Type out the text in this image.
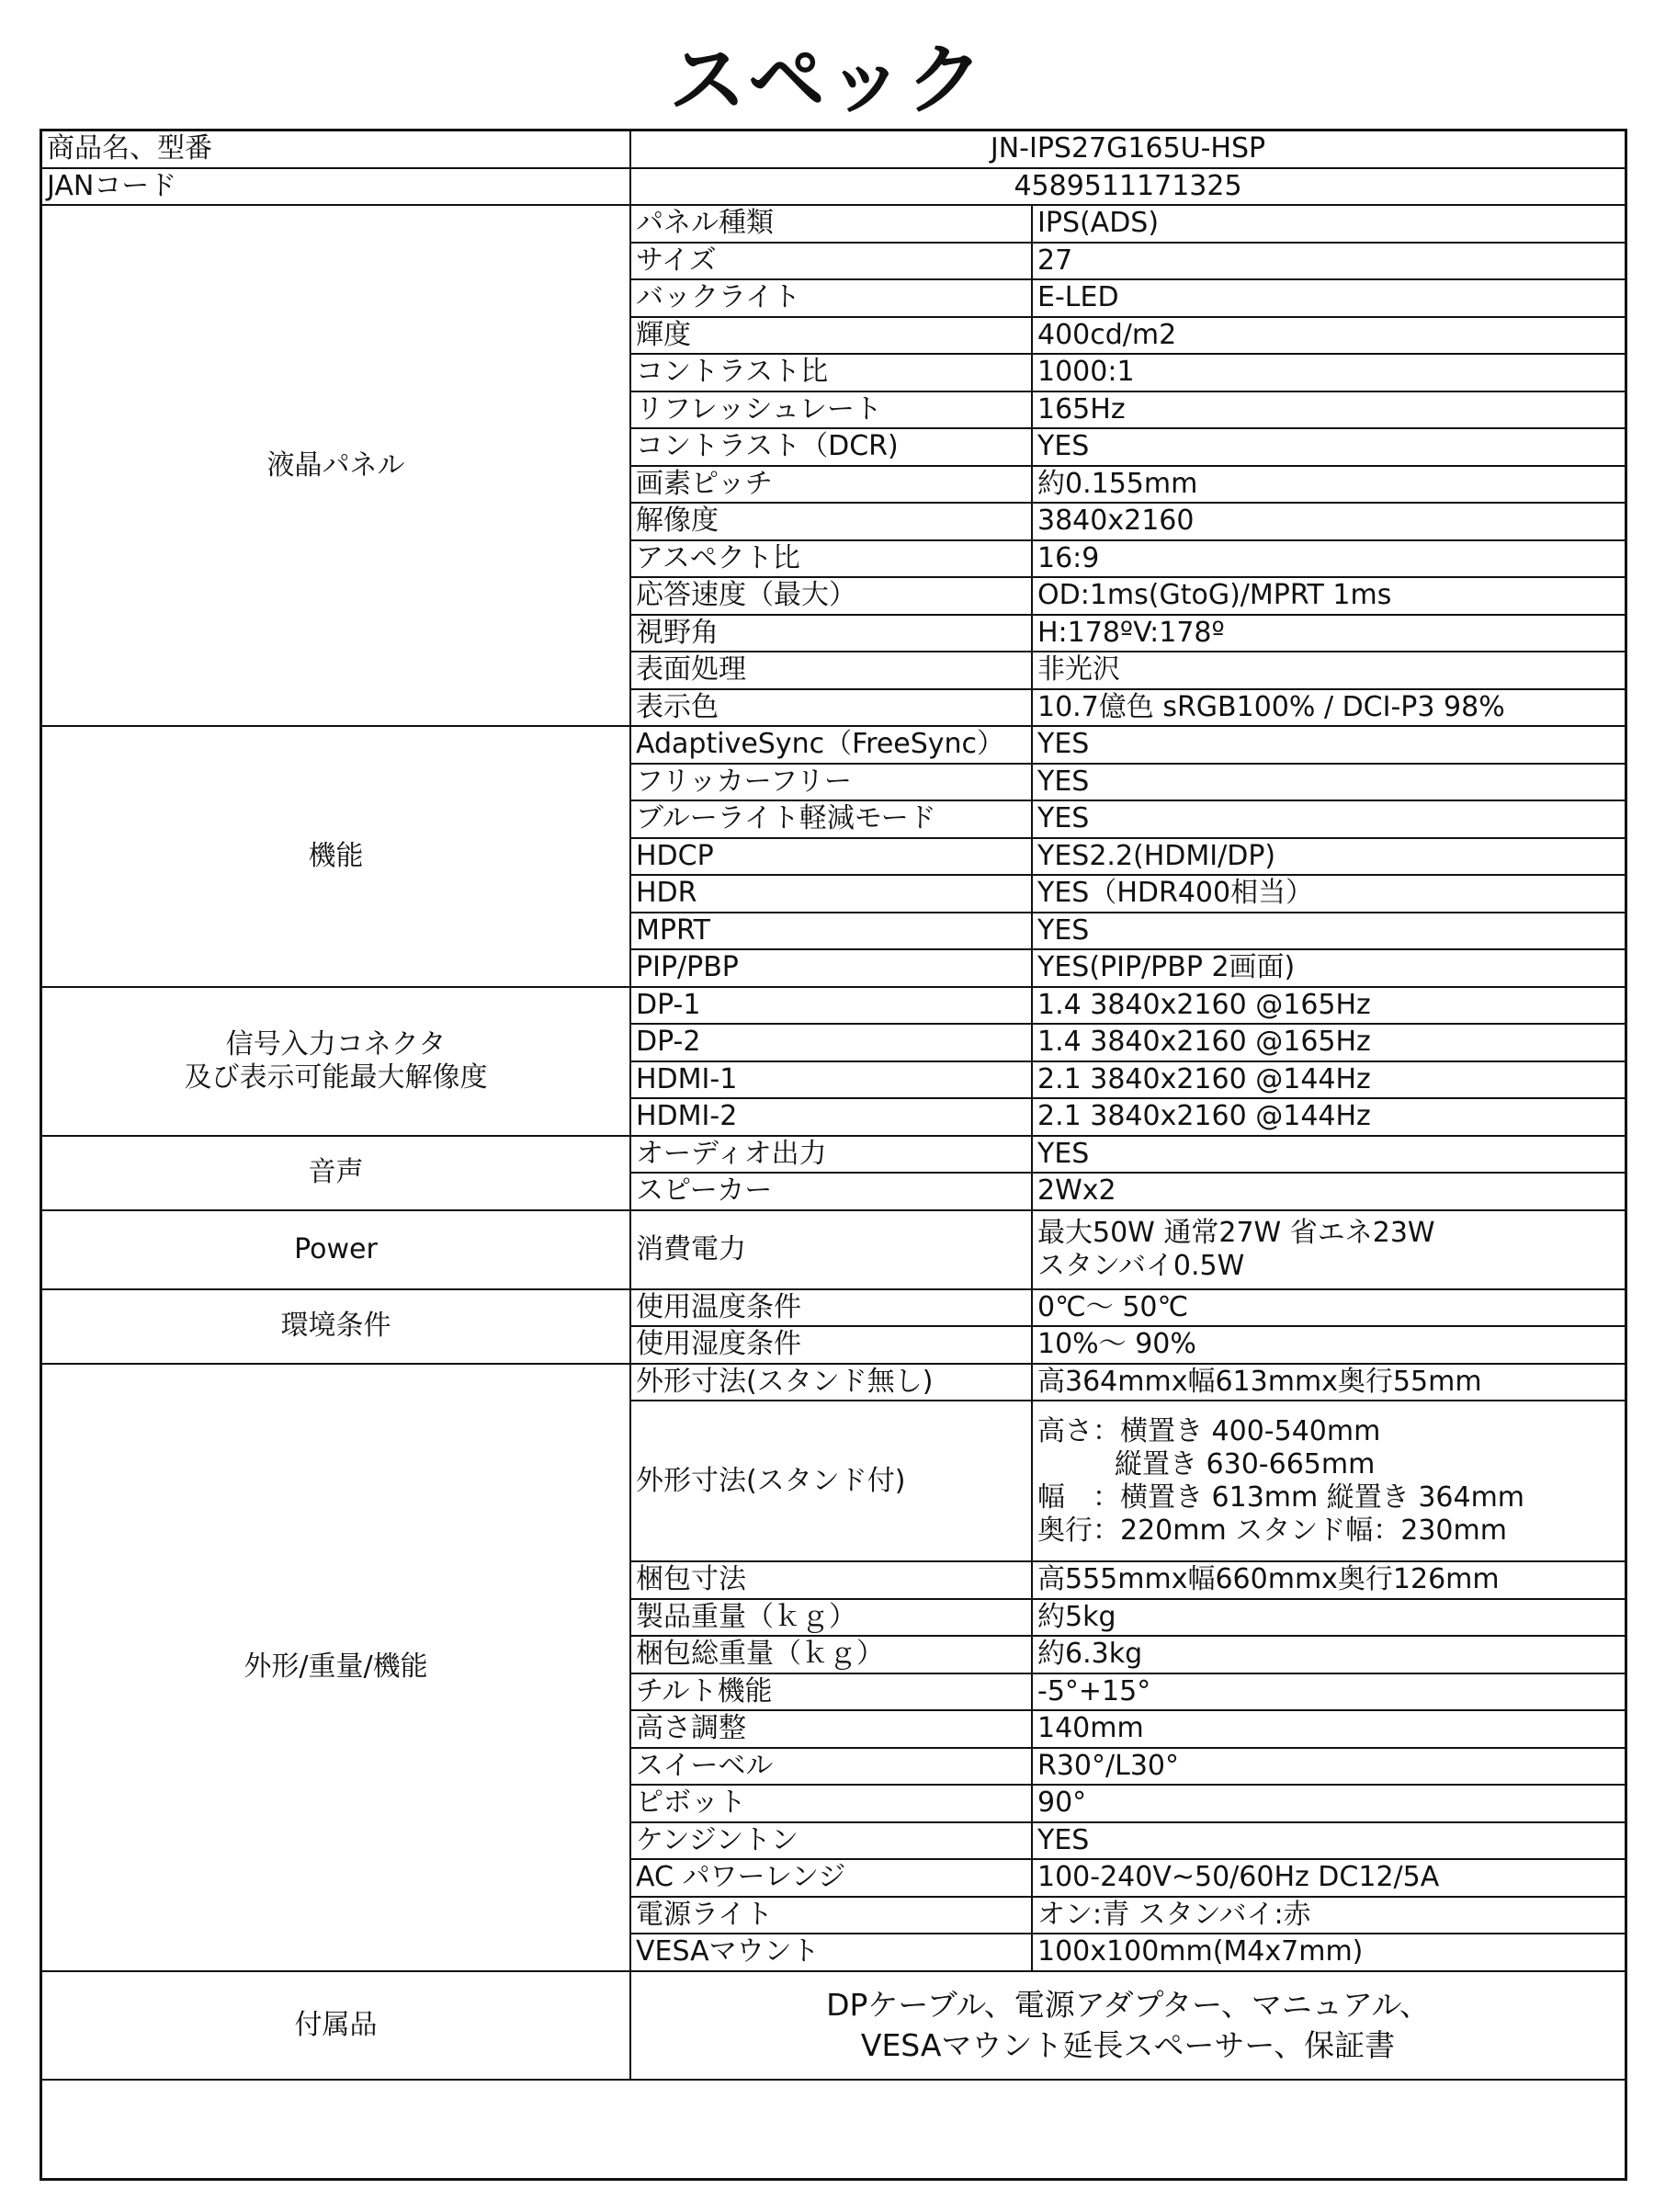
スペック
商品名、型番	JN-IPS27G165U-HSP	
JANコード	4589511171325	
液晶パネル	パネル種類	IPS(ADS)
	サイズ	27
	バックライト	E-LED
	輝度	400cd/m2
	コントラスト比	1000:1
	リフレッシュレート	165Hz
	コントラスト（DCR)	YES
	画素ピッチ	約0.155mm
	解像度	3840x2160
	アスペクト比	16:9
	応答速度（最大）	OD:1ms(GtoG)/MPRT 1ms
	視野角	H:178ºV:178º
	表面処理	非光沢
	表示色	10.7億色 sRGB100% / DCI-P3 98%
機能	AdaptiveSync（FreeSync）	YES
	フリッカーフリー	YES
	ブルーライト軽減モード	YES
	HDCP	YES2.2(HDMI/DP)
	HDR	YES（HDR400相当）
	MPRT	YES
	PIP/PBP	YES(PIP/PBP 2画面)

信号入力コネクタ
及び表示可能最大解像度	DP-1	1.4 3840x2160 @165Hz
	DP-2	1.4 3840x2160 @165Hz
	HDMI-1	2.1 3840x2160 @144Hz
	HDMI-2	2.1 3840x2160 @144Hz
音声	オーディオ出力	YES
	スピーカー	2Wx2
Power	消費電力	最大50W 通常27W 省エネ23W
スタンバイ0.5W

環境条件	使用温度条件	0℃～ 50℃
	使用湿度条件	10%～ 90%
外形/重量/機能	外形寸法(スタンド無し)	高364mmx幅613mmx奥行55mm
	外形寸法(スタンド付)	高さ：横置き 400-540mm
縦置き 630-665mm
幅　：横置き 613mm 縦置き 364mm
奥行：220mm スタンド幅：230mm

	梱包寸法	高555mmx幅660mmx奥行126mm
	製品重量（ｋｇ）	約5kg
	梱包総重量（ｋｇ）	約6.3kg
	チルト機能	-5°+15°
	高さ調整	140mm
	スイーベル	R30°/L30°
	ピボット	90°
	ケンジントン	YES
	AC パワーレンジ	100-240V~50/60Hz DC12/5A
	電源ライト	オン:青 スタンバイ:赤
	VESAマウント	100x100mm(M4x7mm)
付属品	DPケーブル、電源アダプター、マニュアル、
VESAマウント延長スペーサー、保証書	
